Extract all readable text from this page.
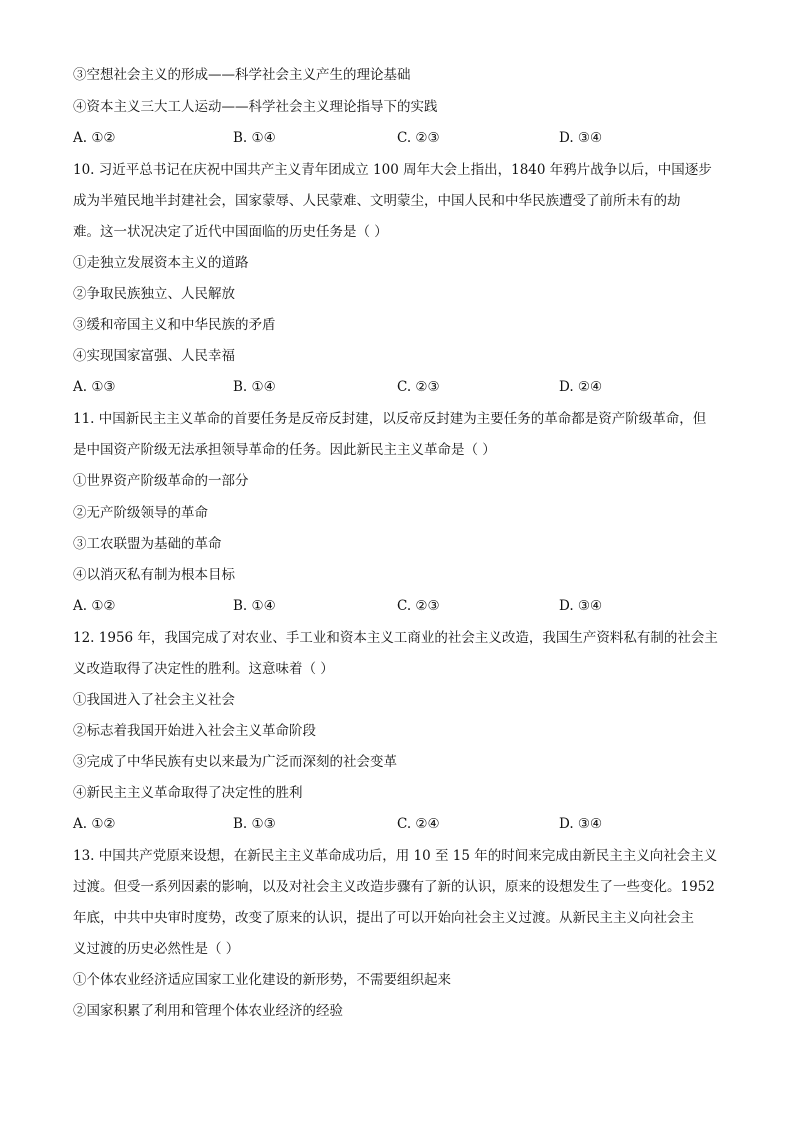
③空想社会主义的形成——科学社会主义产生的理论基础
④资本主义三大工人运动——科学社会主义理论指导下的实践
A. ①②	B. ①④	C. ②③	D. ③④
10. 习近平总书记在庆祝中国共产主义青年团成立 100 周年大会上指出，1840 年鸦片战争以后，中国逐步
成为半殖民地半封建社会，国家蒙辱、人民蒙难、文明蒙尘，中国人民和中华民族遭受了前所未有的劫
难。这一状况决定了近代中国面临的历史任务是（ ）
①走独立发展资本主义的道路
②争取民族独立、人民解放
③缓和帝国主义和中华民族的矛盾
④实现国家富强、人民幸福
A. ①③	B. ①④	C. ②③	D. ②④
11. 中国新民主主义革命的首要任务是反帝反封建，以反帝反封建为主要任务的革命都是资产阶级革命，但
是中国资产阶级无法承担领导革命的任务。因此新民主主义革命是（ ）
①世界资产阶级革命的一部分
②无产阶级领导的革命
③工农联盟为基础的革命
④以消灭私有制为根本目标
A. ①②	B. ①④	C. ②③	D. ③④
12. 1956 年，我国完成了对农业、手工业和资本主义工商业的社会主义改造，我国生产资料私有制的社会主
义改造取得了决定性的胜利。这意味着（ ）
①我国进入了社会主义社会
②标志着我国开始进入社会主义革命阶段
③完成了中华民族有史以来最为广泛而深刻的社会变革
④新民主主义革命取得了决定性的胜利
A. ①②	B. ①③	C. ②④	D. ③④
13. 中国共产党原来设想，在新民主主义革命成功后，用 10 至 15 年的时间来完成由新民主主义向社会主义
过渡。但受一系列因素的影响，以及对社会主义改造步骤有了新的认识，原来的设想发生了一些变化。1952
年底，中共中央审时度势，改变了原来的认识，提出了可以开始向社会主义过渡。从新民主主义向社会主
义过渡的历史必然性是（ ）
①个体农业经济适应国家工业化建设的新形势，不需要组织起来
②国家积累了利用和管理个体农业经济的经验
